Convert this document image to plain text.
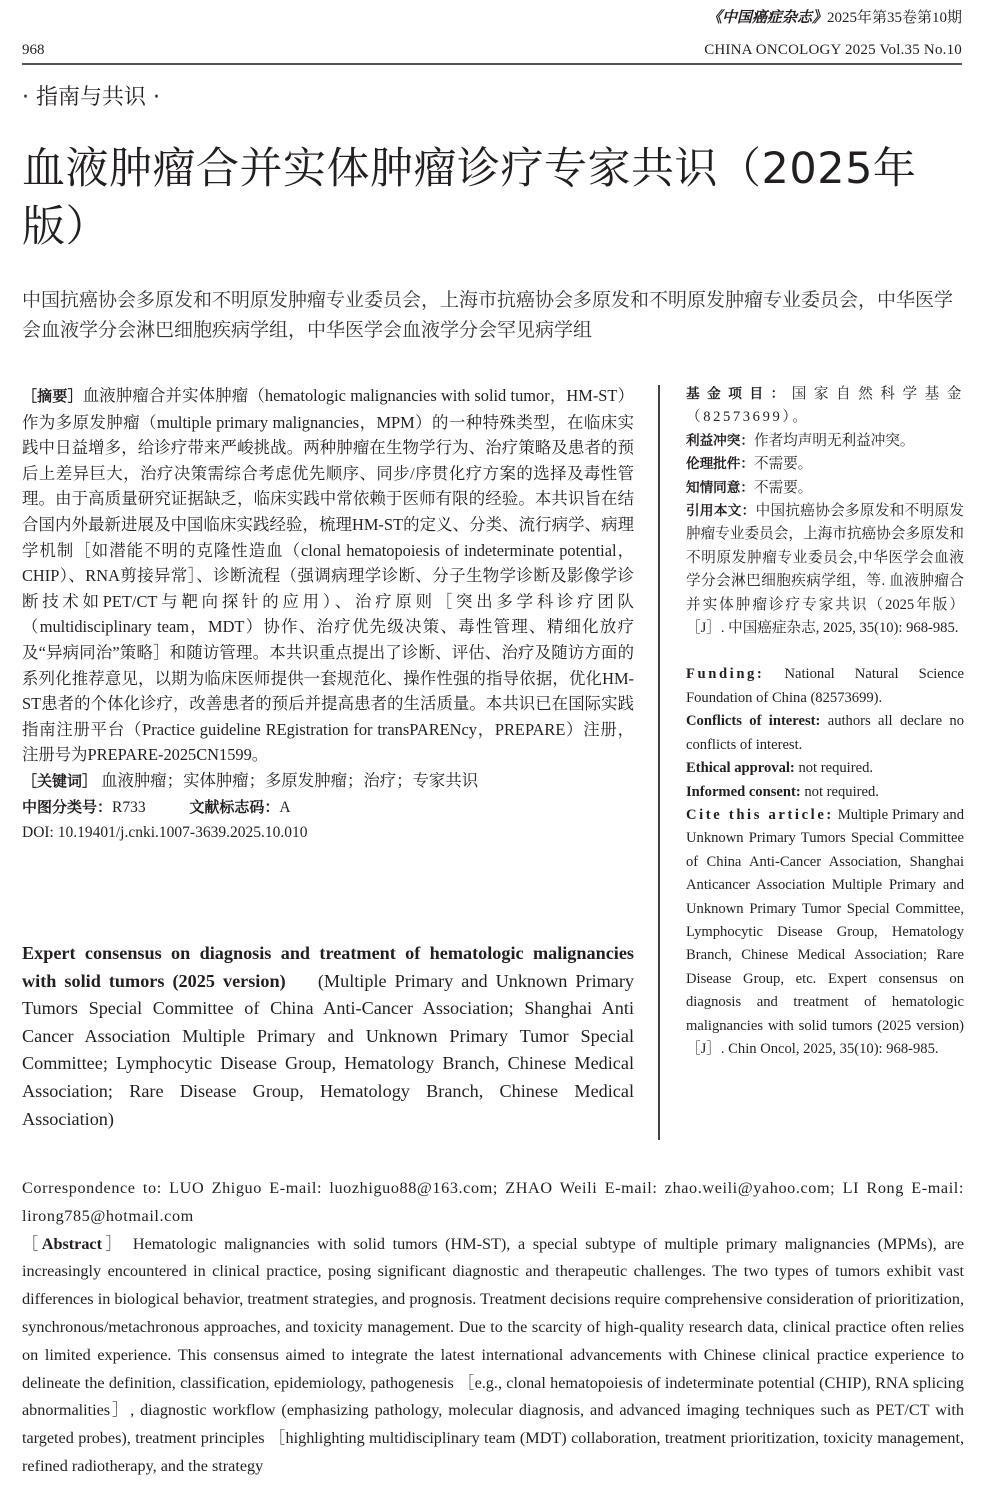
968
《中国癌症杂志》2025年第35卷第10期
CHINA ONCOLOGY 2025 Vol.35 No.10
· 指南与共识 ·
血液肿瘤合并实体肿瘤诊疗专家共识（2025年版）
中国抗癌协会多原发和不明原发肿瘤专业委员会，上海市抗癌协会多原发和不明原发肿瘤专业委员会，中华医学会血液学分会淋巴细胞疾病学组，中华医学会血液学分会罕见病学组

［摘要］血液肿瘤合并实体肿瘤（hematologic malignancies with solid tumor，HM-ST）作为多原发肿瘤（multiple primary malignancies，MPM）的一种特殊类型，在临床实践中日益增多，给诊疗带来严峻挑战。两种肿瘤在生物学行为、治疗策略及患者的预后上差异巨大，治疗决策需综合考虑优先顺序、同步/序贯化疗方案的选择及毒性管理。由于高质量研究证据缺乏，临床实践中常依赖于医师有限的经验。本共识旨在结合国内外最新进展及中国临床实践经验，梳理HM-ST的定义、分类、流行病学、病理学机制［如潜能不明的克隆性造血（clonal hematopoiesis of indeterminate potential，CHIP）、RNA剪接异常］、诊断流程（强调病理学诊断、分子生物学诊断及影像学诊断技术如PET/CT与靶向探针的应用）、治疗原则［突出多学科诊疗团队（multidisciplinary team，MDT）协作、治疗优先级决策、毒性管理、精细化放疗及“异病同治”策略］和随访管理。本共识重点提出了诊断、评估、治疗及随访方面的系列化推荐意见，以期为临床医师提供一套规范化、操作性强的指导依据，优化HM-ST患者的个体化诊疗，改善患者的预后并提高患者的生活质量。本共识已在国际实践指南注册平台（Practice guideline REgistration for transPARENcy，PREPARE）注册，注册号为PREPARE-2025CN1599。

［关键词］ 血液肿瘤；实体肿瘤；多原发肿瘤；治疗；专家共识

中图分类号：R733	文献标志码：A

DOI: 10.19401/j.cnki.1007-3639.2025.10.010

Expert consensus on diagnosis and treatment of hematologic malignancies with solid tumors (2025 version) (Multiple Primary and Unknown Primary Tumors Special Committee of China Anti-Cancer Association; Shanghai Anti Cancer Association Multiple Primary and Unknown Primary Tumor Special Committee; Lymphocytic Disease Group, Hematology Branch, Chinese Medical Association; Rare Disease Group, Hematology Branch, Chinese Medical Association)

基金项目：国家自然科学基金（82573699）。

利益冲突：作者均声明无利益冲突。

伦理批件：不需要。

知情同意：不需要。

引用本文：中国抗癌协会多原发和不明原发肿瘤专业委员会，上海市抗癌协会多原发和不明原发肿瘤专业委员会,中华医学会血液学分会淋巴细胞疾病学组，等. 血液肿瘤合并实体肿瘤诊疗专家共识（2025年版）［J］. 中国癌症杂志, 2025, 35(10): 968-985.

Funding: National Natural Science Foundation of China (82573699).

Conflicts of interest: authors all declare no conflicts of interest.

Ethical approval: not required.

Informed consent: not required.

Cite this article: Multiple Primary and Unknown Primary Tumors Special Committee of China Anti-Cancer Association, Shanghai Anticancer Association Multiple Primary and Unknown Primary Tumor Special Committee, Lymphocytic Disease Group, Hematology Branch, Chinese Medical Association; Rare Disease Group, etc. Expert consensus on diagnosis and treatment of hematologic malignancies with solid tumors (2025 version)［J］. Chin Oncol, 2025, 35(10): 968-985.

Correspondence to: LUO Zhiguo E-mail: luozhiguo88@163.com; ZHAO Weili E-mail: zhao.weili@yahoo.com; LI Rong E-mail: lirong785@hotmail.com

［Abstract］ Hematologic malignancies with solid tumors (HM-ST), a special subtype of multiple primary malignancies (MPMs), are increasingly encountered in clinical practice, posing significant diagnostic and therapeutic challenges. The two types of tumors exhibit vast differences in biological behavior, treatment strategies, and prognosis. Treatment decisions require comprehensive consideration of prioritization, synchronous/metachronous approaches, and toxicity management. Due to the scarcity of high-quality research data, clinical practice often relies on limited experience. This consensus aimed to integrate the latest international advancements with Chinese clinical practice experience to delineate the definition, classification, epidemiology, pathogenesis ［e.g., clonal hematopoiesis of indeterminate potential (CHIP), RNA splicing abnormalities］, diagnostic workflow (emphasizing pathology, molecular diagnosis, and advanced imaging techniques such as PET/CT with targeted probes), treatment principles ［highlighting multidisciplinary team (MDT) collaboration, treatment prioritization, toxicity management, refined radiotherapy, and the strategy
